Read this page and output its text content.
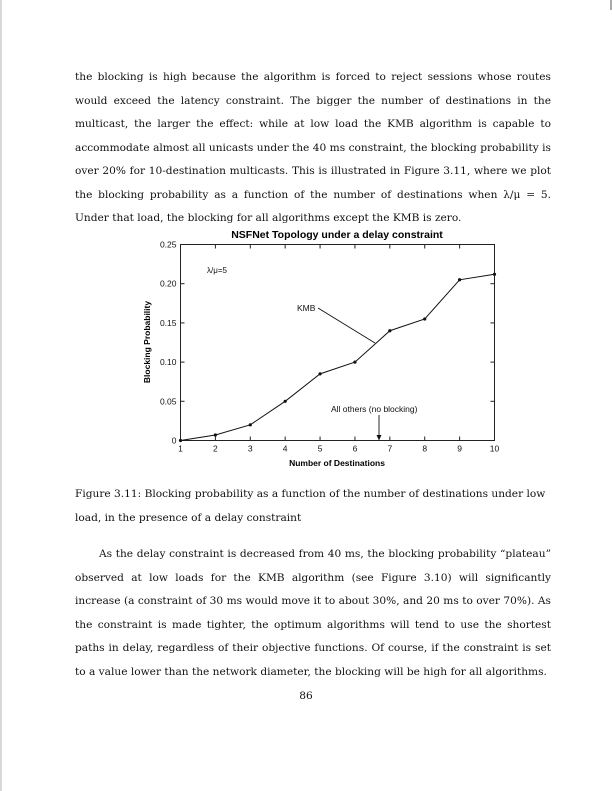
the blocking is high because the algorithm is forced to reject sessions whose routes would exceed the latency constraint. The bigger the number of destinations in the multicast, the larger the effect: while at low load the KMB algorithm is capable to accommodate almost all unicasts under the 40 ms constraint, the blocking probability is over 20% for 10-destination multicasts. This is illustrated in Figure 3.11, where we plot the blocking probability as a function of the number of destinations when λ/μ = 5. Under that load, the blocking for all algorithms except the KMB is zero.
NSFNet Topology under a delay constraint
1	2	3	4	5	6	7	8	9	10
0
0.05
0.10
0.15
0.20
0.25
Number of Destinations
Blocking Probability
λ/μ=5
KMB
All others (no blocking)
Figure 3.11: Blocking probability as a function of the number of destinations under low load, in the presence of a delay constraint
As the delay constraint is decreased from 40 ms, the blocking probability “plateau” observed at low loads for the KMB algorithm (see Figure 3.10) will significantly increase (a constraint of 30 ms would move it to about 30%, and 20 ms to over 70%). As the constraint is made tighter, the optimum algorithms will tend to use the shortest paths in delay, regardless of their objective functions. Of course, if the constraint is set to a value lower than the network diameter, the blocking will be high for all algorithms.
86
